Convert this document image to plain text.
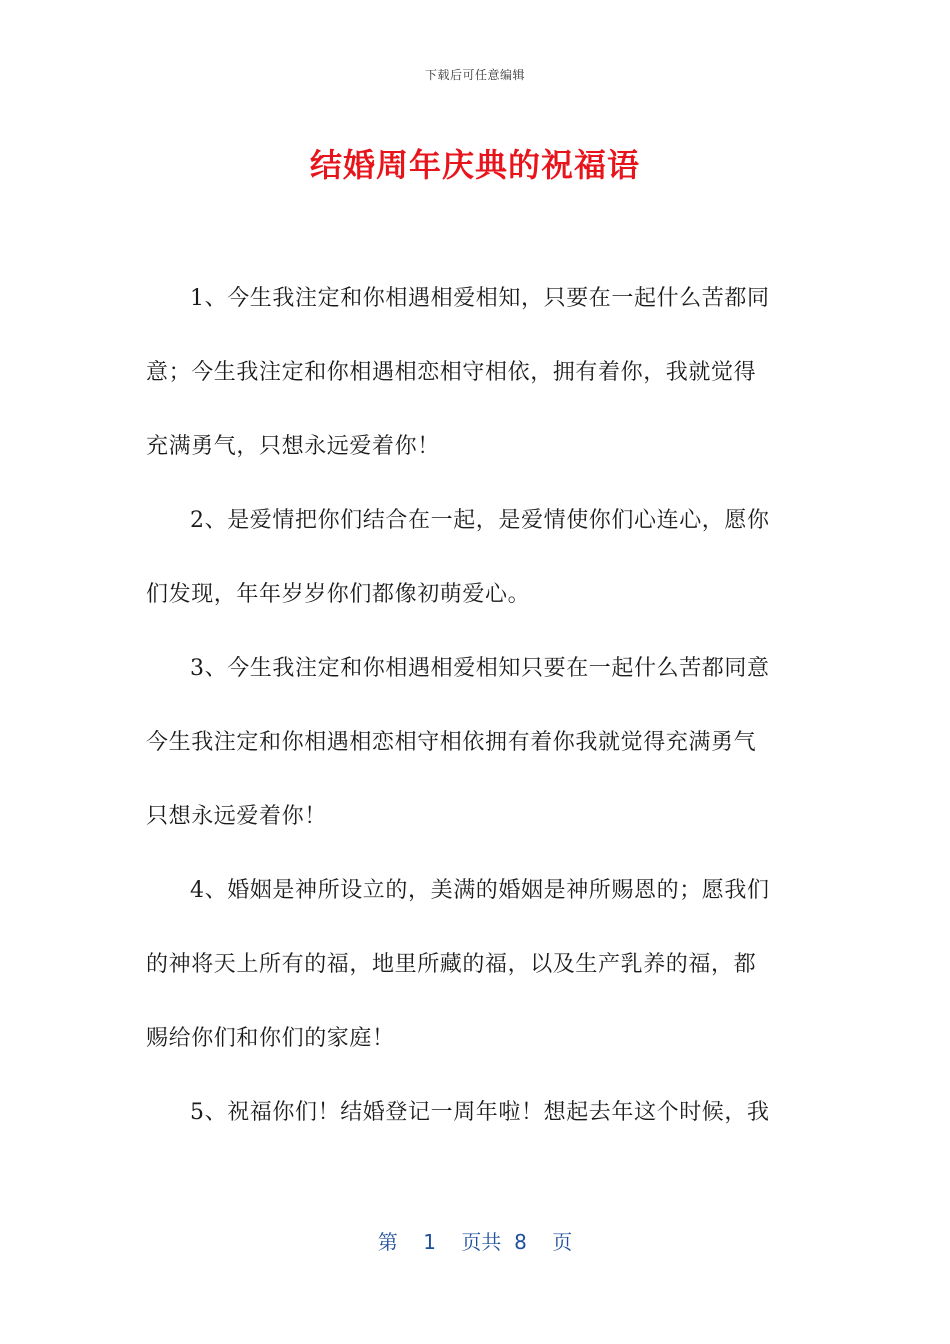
下载后可任意编辑
结婚周年庆典的祝福语
1、今生我注定和你相遇相爱相知，只要在一起什么苦都同
意；今生我注定和你相遇相恋相守相依，拥有着你，我就觉得
充满勇气，只想永远爱着你！
2、是爱情把你们结合在一起，是爱情使你们心连心，愿你
们发现，年年岁岁你们都像初萌爱心。
3、今生我注定和你相遇相爱相知只要在一起什么苦都同意
今生我注定和你相遇相恋相守相依拥有着你我就觉得充满勇气
只想永远爱着你！
4、婚姻是神所设立的，美满的婚姻是神所赐恩的；愿我们
的神将天上所有的福，地里所藏的福，以及生产乳养的福，都
赐给你们和你们的家庭！
5、祝福你们！结婚登记一周年啦！想起去年这个时候，我
第 1 页共 8 页
